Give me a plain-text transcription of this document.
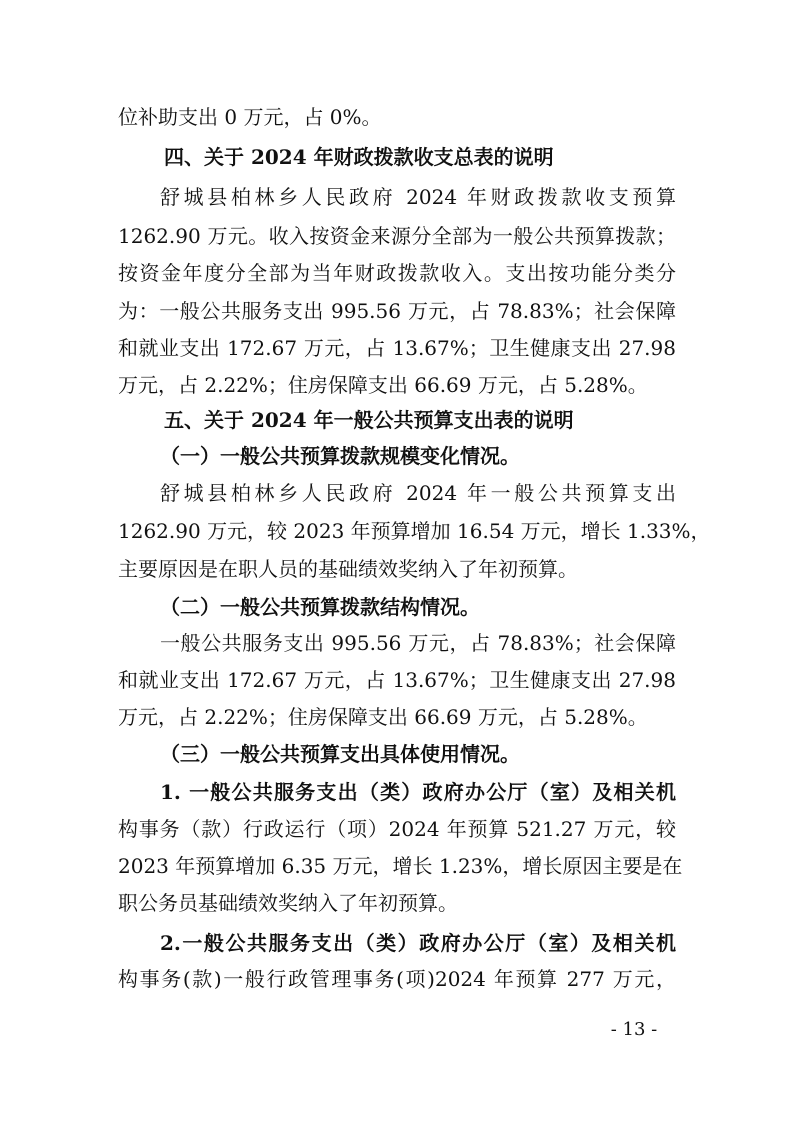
位补助支出 0 万元，占 0%。
四、关于 2024 年财政拨款收支总表的说明
舒城县柏林乡人民政府 2024 年财政拨款收支预算
1262.90 万元。收入按资金来源分全部为一般公共预算拨款；
按资金年度分全部为当年财政拨款收入。支出按功能分类分
为：一般公共服务支出 995.56 万元，占 78.83%；社会保障
和就业支出 172.67 万元，占 13.67%；卫生健康支出 27.98
万元，占 2.22%；住房保障支出 66.69 万元，占 5.28%。
五、关于 2024 年一般公共预算支出表的说明
（一）一般公共预算拨款规模变化情况。
舒城县柏林乡人民政府 2024 年一般公共预算支出
1262.90 万元，较 2023 年预算增加 16.54 万元，增长 1.33%，
主要原因是在职人员的基础绩效奖纳入了年初预算。
（二）一般公共预算拨款结构情况。
一般公共服务支出 995.56 万元，占 78.83%；社会保障
和就业支出 172.67 万元，占 13.67%；卫生健康支出 27.98
万元，占 2.22%；住房保障支出 66.69 万元，占 5.28%。
（三）一般公共预算支出具体使用情况。
1. 一般公共服务支出（类）政府办公厅（室）及相关机
构事务（款）行政运行（项）2024 年预算 521.27 万元，较
2023 年预算增加 6.35 万元，增长 1.23%，增长原因主要是在
职公务员基础绩效奖纳入了年初预算。
2.一般公共服务支出（类）政府办公厅（室）及相关机
构事务(款)一般行政管理事务(项)2024 年预算 277 万元，
- 13 -
